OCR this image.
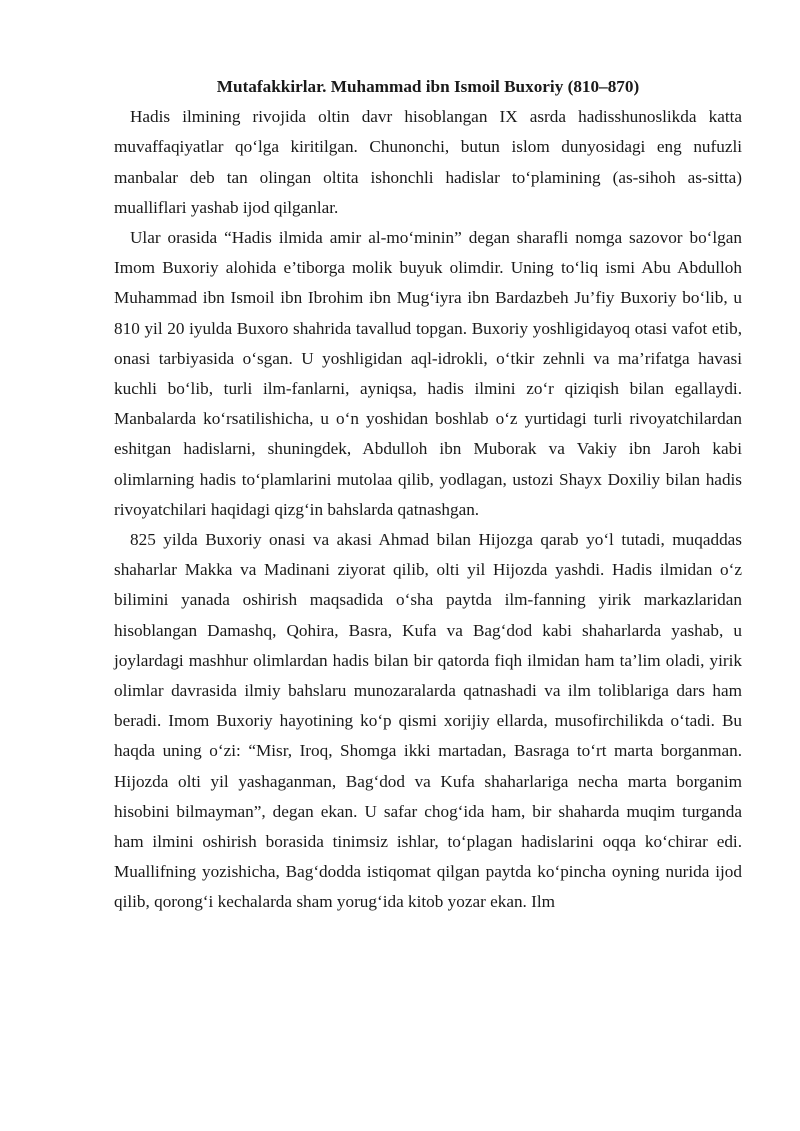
Mutafakkirlar. Muhammad ibn Ismoil Buxoriy (810–870)

Hadis ilmining rivojida oltin davr hisoblangan IX asrda hadisshunoslikda katta muvaffaqiyatlar qo‘lga kiritilgan. Chunonchi, butun islom dunyosidagi eng nufuzli manbalar deb tan olingan oltita ishonchli hadislar to‘plamining (as-sihoh as-sitta) mualliflari yashab ijod qilganlar.

Ular orasida “Hadis ilmida amir al-mo‘minin” degan sharafli nomga sazovor bo‘lgan Imom Buxoriy alohida e’tiborga molik buyuk olimdir. Uning to‘liq ismi Abu Abdulloh Muhammad ibn Ismoil ibn Ibrohim ibn Mug‘iyra ibn Bardazbeh Ju’fiy Buxoriy bo‘lib, u 810 yil 20 iyulda Buxoro shahrida tavallud topgan. Buxoriy yoshligidayoq otasi vafot etib, onasi tarbiyasida o‘sgan. U yoshligidan aql-idrokli, o‘tkir zehnli va ma’rifatga havasi kuchli bo‘lib, turli ilm-fanlarni, ayniqsa, hadis ilmini zo‘r qiziqish bilan egallaydi. Manbalarda ko‘rsatilishicha, u o‘n yoshidan boshlab o‘z yurtidagi turli rivoyatchilardan eshitgan hadislarni, shuningdek, Abdulloh ibn Muborak va Vakiy ibn Jaroh kabi olimlarning hadis to‘plamlarini mutolaa qilib, yodlagan, ustozi Shayx Doxiliy bilan hadis rivoyatchilari haqidagi qizg‘in bahslarda qatnashgan.

825 yilda Buxoriy onasi va akasi Ahmad bilan Hijozga qarab yo‘l tutadi, muqaddas shaharlar Makka va Madinani ziyorat qilib, olti yil Hijozda yashdi. Hadis ilmidan o‘z bilimini yanada oshirish maqsadida o‘sha paytda ilm-fanning yirik markazlaridan hisoblangan Damashq, Qohira, Basra, Kufa va Bag‘dod kabi shaharlarda yashab, u joylardagi mashhur olimlardan hadis bilan bir qatorda fiqh ilmidan ham ta’lim oladi, yirik olimlar davrasida ilmiy bahslaru munozaralarda qatnashadi va ilm toliblariga dars ham beradi. Imom Buxoriy hayotining ko‘p qismi xorijiy ellarda, musofirchilikda o‘tadi. Bu haqda uning o‘zi: “Misr, Iroq, Shomga ikki martadan, Basraga to‘rt marta borganman. Hijozda olti yil yashaganman, Bag‘dod va Kufa shaharlariga necha marta borganim hisobini bilmayman”, degan ekan. U safar chog‘ida ham, bir shaharda muqim turganda ham ilmini oshirish borasida tinimsiz ishlar, to‘plagan hadislarini oqqa ko‘chirar edi. Muallifning yozishicha, Bag‘dodda istiqomat qilgan paytda ko‘pincha oyning nurida ijod qilib, qorong‘i kechalarda sham yorug‘ida kitob yozar ekan. Ilm
